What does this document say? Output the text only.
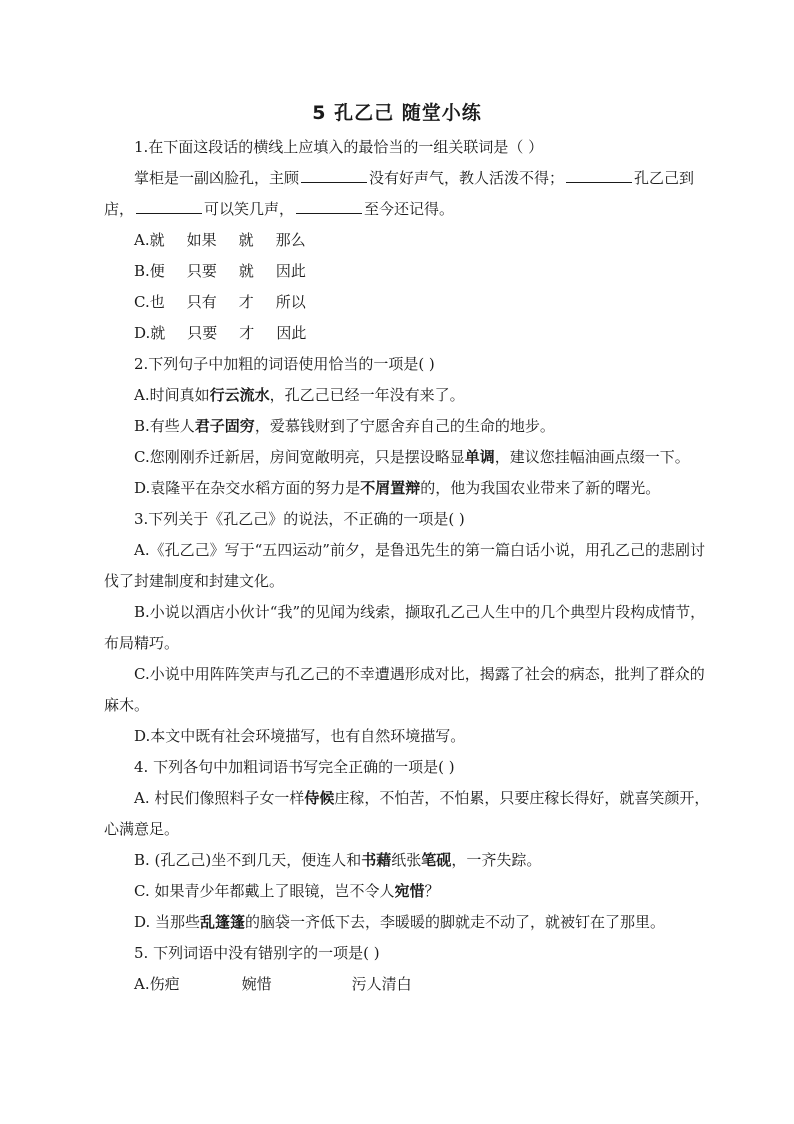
5 孔乙己 随堂小练
1.在下面这段话的横线上应填入的最恰当的一组关联词是（ ）
掌柜是一副凶脸孔，主顾	没有好声气，教人活泼不得；	孔乙己到
店，	可以笑几声，	至今还记得。
A.就 如果 就 那么
B.便 只要 就 因此
C.也 只有 才 所以
D.就 只要 才 因此
2.下列句子中加粗的词语使用恰当的一项是( )
A.时间真如行云流水，孔乙己已经一年没有来了。
B.有些人君子固穷，爱慕钱财到了宁愿舍弃自己的生命的地步。
C.您刚刚乔迁新居，房间宽敞明亮，只是摆设略显单调，建议您挂幅油画点缀一下。
D.袁隆平在杂交水稻方面的努力是不屑置辩的，他为我国农业带来了新的曙光。
3.下列关于《孔乙己》的说法，不正确的一项是( )
A.《孔乙己》写于“五四运动”前夕，是鲁迅先生的第一篇白话小说，用孔乙己的悲剧讨伐了封建制度和封建文化。
B.小说以酒店小伙计“我”的见闻为线索，撷取孔乙己人生中的几个典型片段构成情节，布局精巧。
C.小说中用阵阵笑声与孔乙己的不幸遭遇形成对比，揭露了社会的病态，批判了群众的麻木。
D.本文中既有社会环境描写，也有自然环境描写。
4. 下列各句中加粗词语书写完全正确的一项是( )
A. 村民们像照料子女一样侍候庄稼，不怕苦，不怕累，只要庄稼长得好，就喜笑颜开，心满意足。
B. (孔乙己)坐不到几天，便连人和书藉纸张笔砚，一齐失踪。
C. 如果青少年都戴上了眼镜，岂不令人宛惜？
D. 当那些乱篷篷的脑袋一齐低下去，李暖暖的脚就走不动了，就被钉在了那里。
5. 下列词语中没有错别字的一项是( )
A.伤疤	婉惜	污人清白
